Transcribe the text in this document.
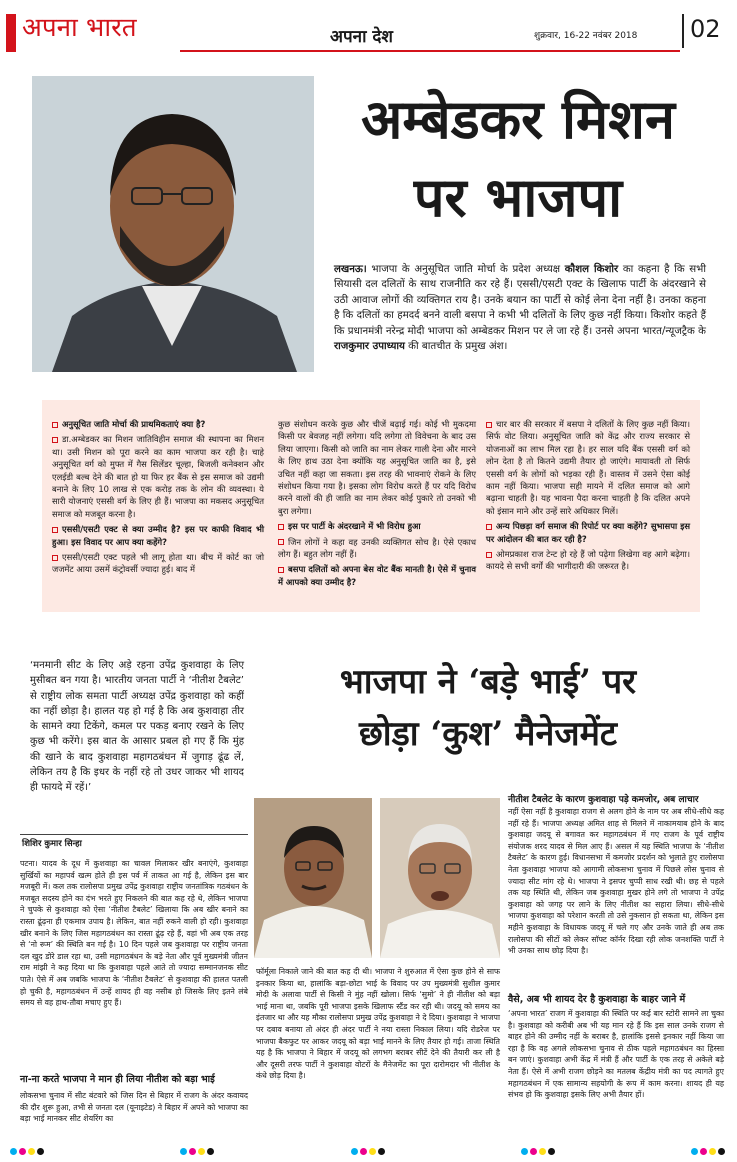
अपना भारत	अपना देश	शुक्रवार, 16-22 नवंबर 2018 02
अम्बेडकर मिशन
पर भाजपा
लखनऊ। भाजपा के अनुसूचित जाति मोर्चा के प्रदेश अध्यक्ष कौशल किशोर का कहना है कि सभी सियासी दल दलितों के साथ राजनीति कर रहे हैं। एससी/एसटी एक्ट के खिलाफ पार्टी के अंदरखाने से उठी आवाज लोगों की व्यक्तिगत राय है। उनके बयान का पार्टी से कोई लेना देना नहीं है। उनका कहना है कि दलितों का हमदर्द बनने वाली बसपा ने कभी भी दलितों के लिए कुछ नहीं किया। किशोर कहते हैं कि प्रधानमंत्री नरेन्द्र मोदी भाजपा को अम्बेडकर मिशन पर ले जा रहे हैं। उनसे अपना भारत/न्यूजट्रैक के राजकुमार उपाध्याय की बातचीत के प्रमुख अंश।
अनुसूचित जाति मोर्चा की प्राथमिकताएं क्या है?
डा.अम्बेडकर का मिशन जातिविहीन समाज की स्थापना का मिशन था। उसी मिशन को पूरा करने का काम भाजपा कर रही है। चाहे अनुसूचित वर्ग को मुफ्त में गैस सिलेंडर चूल्हा, बिजली कनेक्शन और एलईडी बल्ब देने की बात हो या फिर हर बैंक से इस समाज को उद्यमी बनाने के लिए 10 लाख से एक करोड़ तक के लोन की व्यवस्था। ये सारी योजनाएं एससी वर्ग के लिए ही हैं। भाजपा का मकसद अनुसूचित समाज को मजबूत करना है।
एससी/एसटी एक्ट से क्या उम्मीद है? इस पर काफी विवाद भी हुआ। इस विवाद पर आप क्या कहेंगे?
एससी/एसटी एक्ट पहले भी लागू होता था। बीच में कोर्ट का जो जजमेंट आया उसमें कंट्रोवर्सी ज्यादा हुई। बाद में
कुछ संशोधन करके कुछ और चीजें बढ़ाई गई। कोई भी मुकदमा किसी पर बेवजह नहीं लगेगा। यदि लगेगा तो विवेचना के बाद उस लिया जाएगा। किसी को जाति का नाम लेकर गाली देना और मारने के लिए हाथ उठा देना क्योंकि यह अनुसूचित जाति का है, इसे उचित नहीं कहा जा सकता। इस तरह की भावनाएं रोकने के लिए संशोधन किया गया है। इसका लोग विरोध करते हैं पर यदि विरोध करने वालों की ही जाति का नाम लेकर कोई पुकारे तो उनको भी बुरा लगेगा।
इस पर पार्टी के अंदरखाने में भी विरोध हुआ
जिन लोगों ने कहा वह उनकी व्यक्तिगत सोच है। ऐसे एकाध लोग हैं। बहुत लोग नहीं हैं।
बसपा दलितों को अपना बेस वोट बैंक मानती है। ऐसे में चुनाव में आपको क्या उम्मीद है?
चार बार की सरकार में बसपा ने दलितों के लिए कुछ नहीं किया। सिर्फ वोट लिया। अनुसूचित जाति को केंद्र और राज्य सरकार से योजनाओं का लाभ मिल रहा है। हर साल यदि बैंक एससी वर्ग को लोन देता है तो कितने उद्यमी तैयार हो जाएंगे। मायावती तो सिर्फ एससी वर्ग के लोगों को भड़का रही हैं। वास्तव में उसने ऐसा कोई काम नहीं किया। भाजपा सही मायने में दलित समाज को आगे बढ़ाना चाहती है। यह भावना पैदा करना चाहती है कि दलित अपने को इंसान माने और उन्हें सारे अधिकार मिलें।
अन्य पिछड़ा वर्ग समाज की रिपोर्ट पर क्या कहेंगे? सुभासपा इस पर आंदोलन की बात कर रही है?
ओमप्रकाश राज टेन्ट हो रहे हैं जो पढ़ेगा लिखेगा वह आगे बढ़ेगा। कायदे से सभी वर्गों की भागीदारी की जरूरत है।
‘मनमानी सीट के लिए अड़े रहना उपेंद्र कुशवाहा के लिए मुसीबत बन गया है। भारतीय जनता पार्टी ने ‘नीतीश टैबलेट’ से राष्ट्रीय लोक समता पार्टी अध्यक्ष उपेंद्र कुशवाहा को कहीं का नहीं छोड़ा है। हालत यह हो गई है कि अब कुशवाहा तीर के सामने क्या टिकेंगे, कमल पर पकड़ बनाए रखने के लिए कुछ भी करेंगे। इस बात के आसार प्रबल हो गए हैं कि मुंह की खाने के बाद कुशवाहा महागठबंधन में जुगाड़ ढूंढ लें, लेकिन तय है कि इधर के नहीं रहे तो उधर जाकर भी शायद ही फायदे में रहें।’
भाजपा ने ‘बड़े भाई’ पर
छोड़ा ‘कुश’ मैनेजमेंट
शिशिर कुमार सिन्हा
पटना। यादव के दूध में कुशवाहा का चावल मिलाकर खीर बनाएंगे, कुशवाहा सुर्खियों का महापर्व खत्म होते ही इस पर्व में ताकत आ गई है, लेकिन इस बार मजबूरी में। कल तक रालोसपा प्रमुख उपेंद्र कुशवाहा राष्ट्रीय जनतांत्रिक गठबंधन के मजबूत सदस्य होने का दंभ भरते हुए निकलने की बात कह रहे थे, लेकिन भाजपा ने चुपके से कुशवाहा को ऐसा ‘नीतीश टैबलेट’ खिलाया कि अब खीर बनाने का रास्ता ढूंढ़ना ही एकमात्र उपाय है। लेकिन, बात नहीं रुकने वाली हो रही। कुशवाहा खीर बनाने के लिए जिस महागठबंधन का रास्ता ढूंढ़ रहे हैं, वहां भी अब एक तरह से ‘नो रूम’ की स्थिति बन गई है। 10 दिन पहले जब कुशवाहा पर राष्ट्रीय जनता दल खुद डोरे डाल रहा था, उसी महागठबंधन के बड़े नेता और पूर्व मुख्यमंत्री जीतन राम मांझी ने कह दिया था कि कुशवाहा पहले आते तो ज्यादा सम्मानजनक सीट पाते। ऐसे में अब जबकि भाजपा के ‘नीतीश टैबलेट’ से कुशवाहा की हालत पतली हो चुकी है, महागठबंधन में उन्हें शायद ही वह नसीब हो जिसके लिए इतने लंबे समय से वह हाथ-तौबा मचाए हुए हैं।
ना-ना करते भाजपा ने मान ही लिया नीतीश को बड़ा भाई
लोकसभा चुनाव में सीट बंटवारे को जिस दिन से बिहार में राजग के अंदर कवायद की दौर शुरू हुआ, तभी से जनता दल (यूनाइटेड) ने बिहार में अपने को भाजपा का बड़ा भाई मानकर सीट शेयरिंग का
फॉर्मूला निकाले जाने की बात कह दी थी। भाजपा ने शुरुआत में ऐसा कुछ होने से साफ इनकार किया था, हालांकि बड़ा-छोटा भाई के विवाद पर उप मुख्यमंत्री सुशील कुमार मोदी के अलावा पार्टी से किसी ने मुंह नहीं खोला। सिर्फ ‘सुमो’ ने ही नीतीश को बड़ा भाई माना था, जबकि पूरी भाजपा इसके खिलाफ स्टैंड कर रही थी। जदयू को समय का इंतजार था और यह मौका रालोसपा प्रमुख उपेंद्र कुशवाहा ने दे दिया। कुशवाहा ने भाजपा पर दबाव बनाया तो अंदर ही अंदर पार्टी ने नया रास्ता निकाल लिया। यदि रोडरेज पर भाजपा बैकफुट पर आकर जदयू को बड़ा भाई मानने के लिए तैयार हो गई। ताजा स्थिति यह है कि भाजपा ने बिहार में जदयू को लगभग बराबर सीटें देने की तैयारी कर ली है और दूसरी तरफ पार्टी ने कुशवाहा वोटरों के मैनेजमेंट का पूरा दारोमदार भी नीतीश के कंधे छोड़ दिया है।
नीतीश टैबलेट के कारण कुशवाहा पड़े कमजोर, अब लाचार
नहीं ऐसा नहीं है कुशवाहा राजग से अलग होने के नाम पर अब सीधे-सीधे कह नहीं रहे हैं। भाजपा अध्यक्ष अमित शाह से मिलने में नाकामयाब होने के बाद कुशवाहा जदयू से बगावत कर महागठबंधन में गए राजग के पूर्व राष्ट्रीय संयोजक शरद यादव से मिल आए हैं। असल में यह स्थिति भाजपा के ‘नीतीश टैबलेट’ के कारण हुई। विधानसभा में कमजोर प्रदर्शन को भुलाते हुए रालोसपा नेता कुशवाहा भाजपा को आगामी लोकसभा चुनाव में पिछले लोस चुनाव से ज्यादा सीट मांग रहे थे। भाजपा ने इसपर चुप्पी साध रखी थी। छह से पहले तक यह स्थिति थी, लेकिन जब कुशवाहा मुखर होने लगे तो भाजपा ने उपेंद्र कुशवाहा को जगह पर लाने के लिए नीतीश का सहारा लिया। सीधे-सीधे भाजपा कुशवाहा को परेशान करती तो उसे नुकसान हो सकता था, लेकिन इस महीने कुशवाहा के विधायक जदयू में चले गए और उनके जाते ही अब तक रालोसपा की सीटों को लेकर सॉफ्ट कॉर्नर दिखा रही लोक जनशक्ति पार्टी ने भी उनका साथ छोड़ दिया है।
वैसे, अब भी शायद देर है कुशवाहा के बाहर जाने में
‘अपना भारत’ राजग में कुशवाहा की स्थिति पर कई बार स्टोरी सामने ला चुका है। कुशवाहा को करीबी अब भी यह मान रहे हैं कि इस साल उनके राजग से बाहर होने की उम्मीद नहीं के बराबर है, हालांकि इससे इनकार नहीं किया जा रहा है कि वह अगले लोकसभा चुनाव से ठीक पहले महागठबंधन का हिस्सा बन जाएं। कुशवाहा अभी केंद्र में मंत्री हैं और पार्टी के एक तरह से अकेले बड़े नेता हैं। ऐसे में अभी राजग छोड़ने का मतलब केंद्रीय मंत्री का पद त्यागते हुए महागठबंधन में एक सामान्य सहयोगी के रूप में काम करना। शायद ही यह संभव हो कि कुशवाहा इसके लिए अभी तैयार हों।
